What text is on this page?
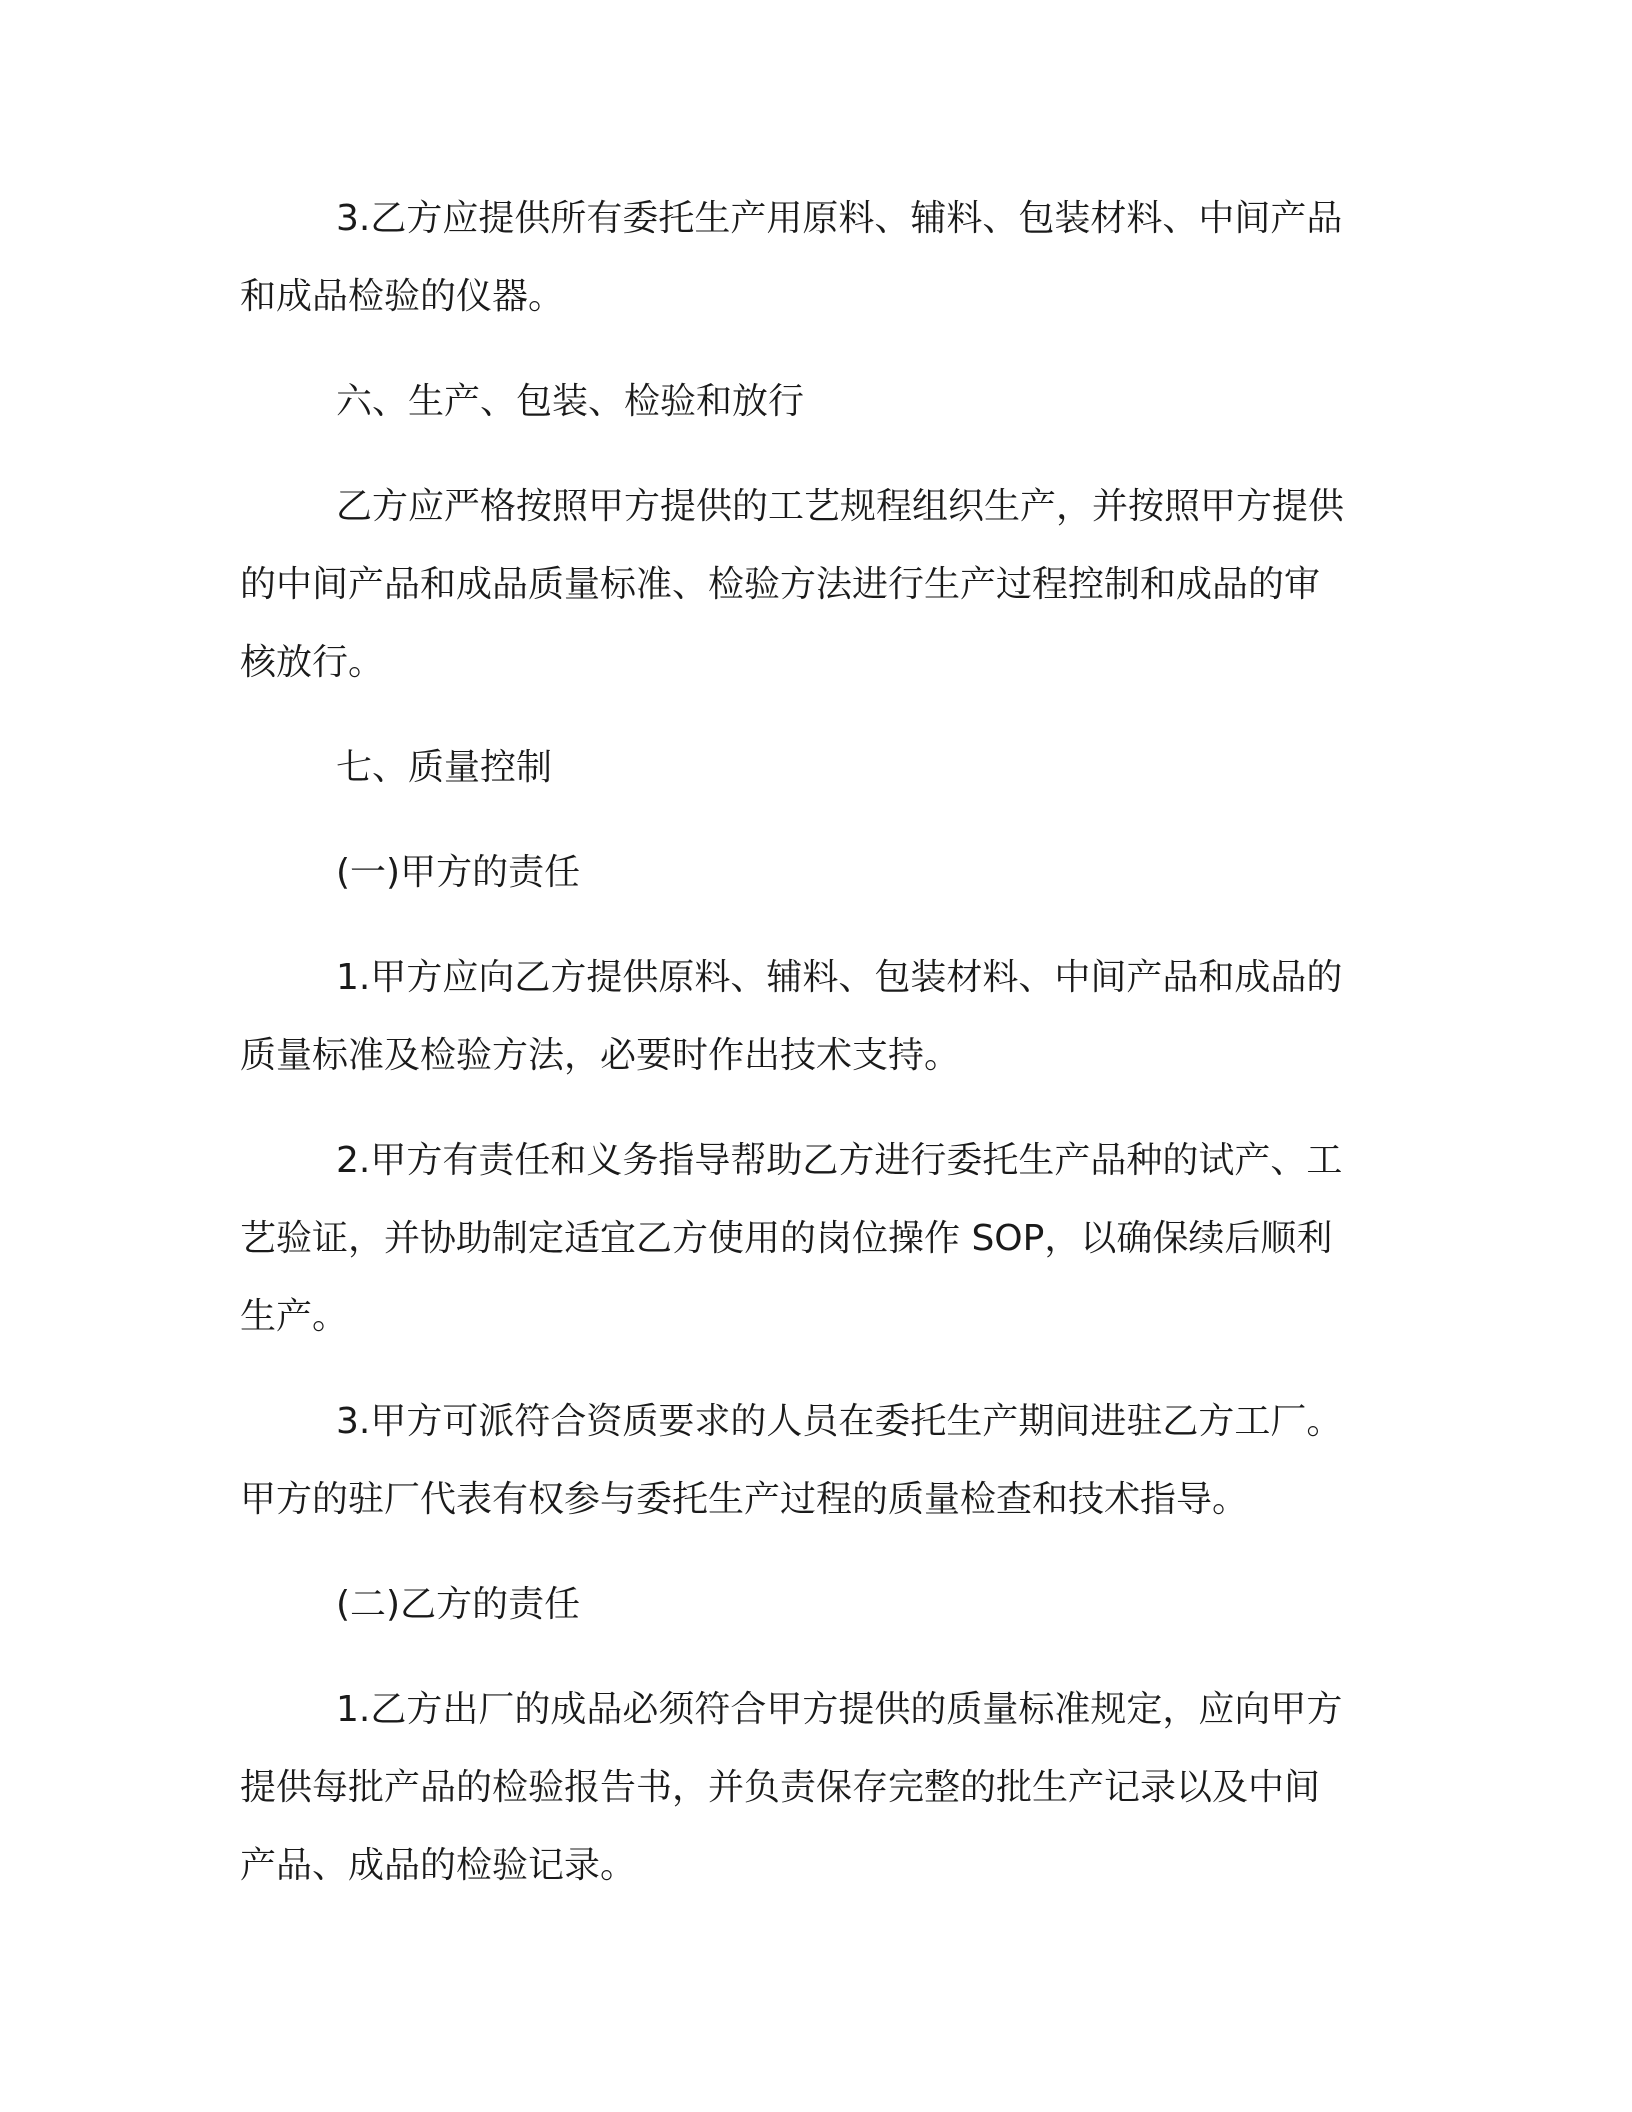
3.乙方应提供所有委托生产用原料、辅料、包装材料、中间产品
和成品检验的仪器。

六、生产、包装、检验和放行

乙方应严格按照甲方提供的工艺规程组织生产，并按照甲方提供
的中间产品和成品质量标准、检验方法进行生产过程控制和成品的审
核放行。

七、质量控制

(一)甲方的责任

1.甲方应向乙方提供原料、辅料、包装材料、中间产品和成品的
质量标准及检验方法，必要时作出技术支持。

2.甲方有责任和义务指导帮助乙方进行委托生产品种的试产、工
艺验证，并协助制定适宜乙方使用的岗位操作 SOP，以确保续后顺利
生产。

3.甲方可派符合资质要求的人员在委托生产期间进驻乙方工厂。
甲方的驻厂代表有权参与委托生产过程的质量检查和技术指导。

(二)乙方的责任

1.乙方出厂的成品必须符合甲方提供的质量标准规定，应向甲方
提供每批产品的检验报告书，并负责保存完整的批生产记录以及中间
产品、成品的检验记录。
